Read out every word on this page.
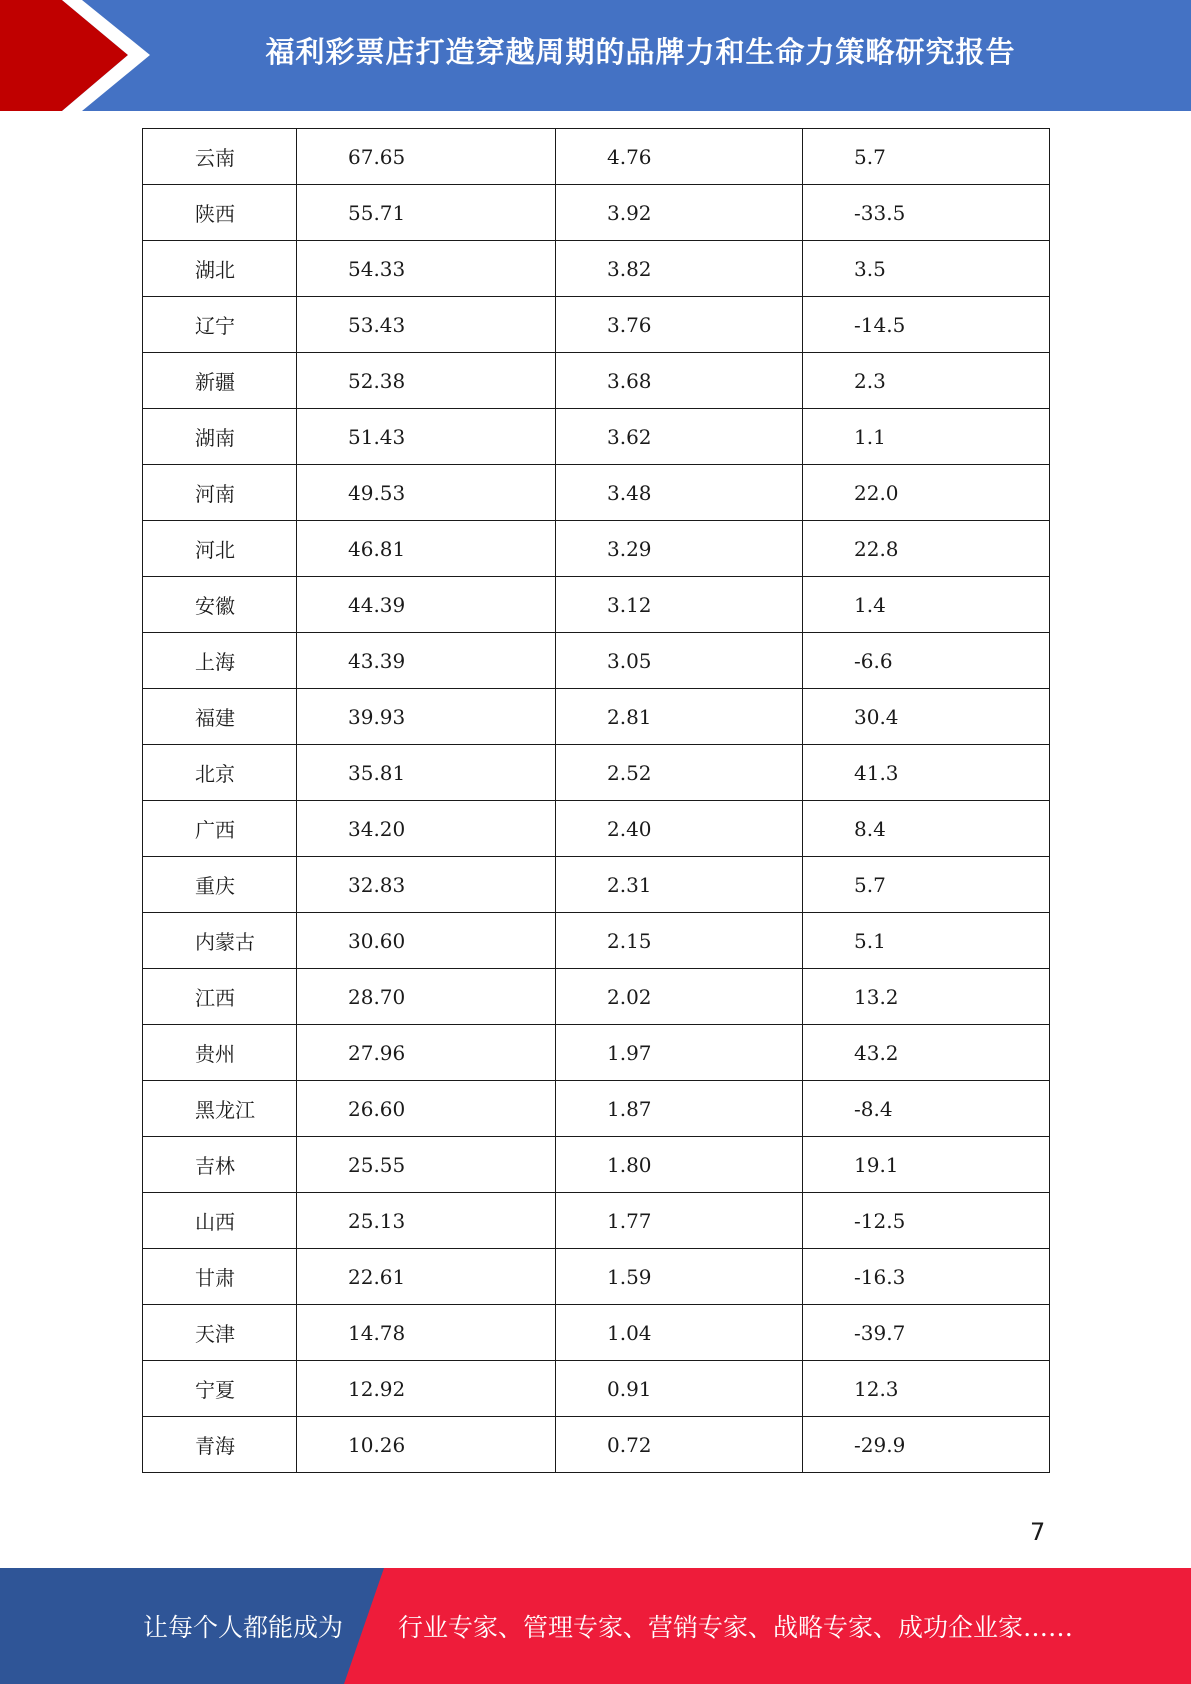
福利彩票店打造穿越周期的品牌力和生命力策略研究报告
云南	67.65	4.76	5.7
陕西	55.71	3.92	-33.5
湖北	54.33	3.82	3.5
辽宁	53.43	3.76	-14.5
新疆	52.38	3.68	2.3
湖南	51.43	3.62	1.1
河南	49.53	3.48	22.0
河北	46.81	3.29	22.8
安徽	44.39	3.12	1.4
上海	43.39	3.05	-6.6
福建	39.93	2.81	30.4
北京	35.81	2.52	41.3
广西	34.20	2.40	8.4
重庆	32.83	2.31	5.7
内蒙古	30.60	2.15	5.1
江西	28.70	2.02	13.2
贵州	27.96	1.97	43.2
黑龙江	26.60	1.87	-8.4
吉林	25.55	1.80	19.1
山西	25.13	1.77	-12.5
甘肃	22.61	1.59	-16.3
天津	14.78	1.04	-39.7
宁夏	12.92	0.91	12.3
青海	10.26	0.72	-29.9
7
让每个人都能成为 行业专家、管理专家、营销专家、战略专家、成功企业家……
